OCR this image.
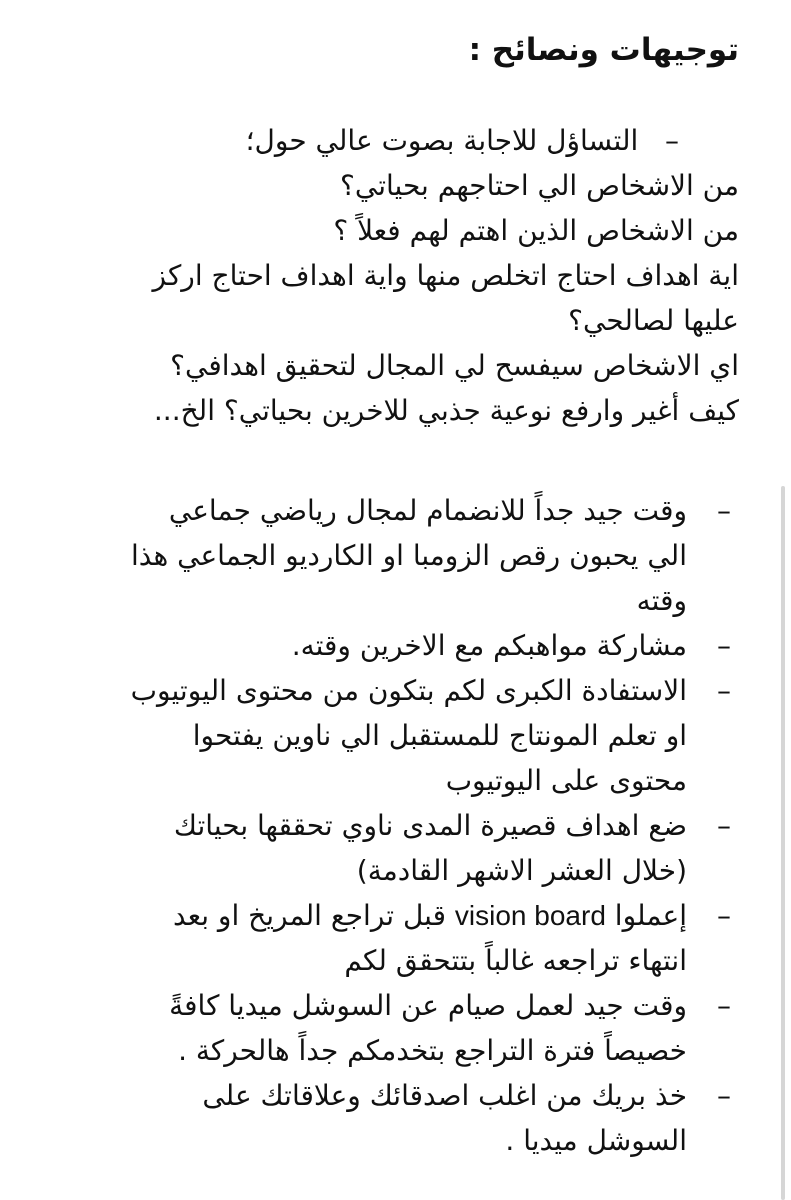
توجيهات ونصائح :
–   التساؤل للاجابة بصوت عالي حول؛
من الاشخاص الي احتاجهم بحياتي؟
من الاشخاص الذين اهتم لهم فعلاً ؟
اية اهداف احتاج اتخلص منها واية اهداف احتاج اركز
عليها لصالحي؟
اي الاشخاص سيفسح لي المجال لتحقيق اهدافي؟
كيف أغير وارفع نوعية جذبي للاخرين بحياتي؟ الخ...
–
وقت جيد جداً للانضمام لمجال رياضي جماعي
الي يحبون رقص الزومبا او الكارديو الجماعي هذا
وقته
–
مشاركة مواهبكم مع الاخرين وقته.
–
الاستفادة الكبرى لكم بتكون من محتوى اليوتيوب
او تعلم المونتاج للمستقبل الي ناوين يفتحوا
محتوى على اليوتيوب
–
ضع اهداف قصيرة المدى ناوي تحققها بحياتك
(خلال العشر الاشهر القادمة)
–
إعملوا vision board قبل تراجع المريخ او بعد
انتهاء تراجعه غالباً بتتحقق لكم
–
وقت جيد لعمل صيام عن السوشل ميديا كافةً
خصيصاً فترة التراجع بتخدمكم جداً هالحركة .
–
خذ بريك من اغلب اصدقائك وعلاقاتك على
السوشل ميديا .
